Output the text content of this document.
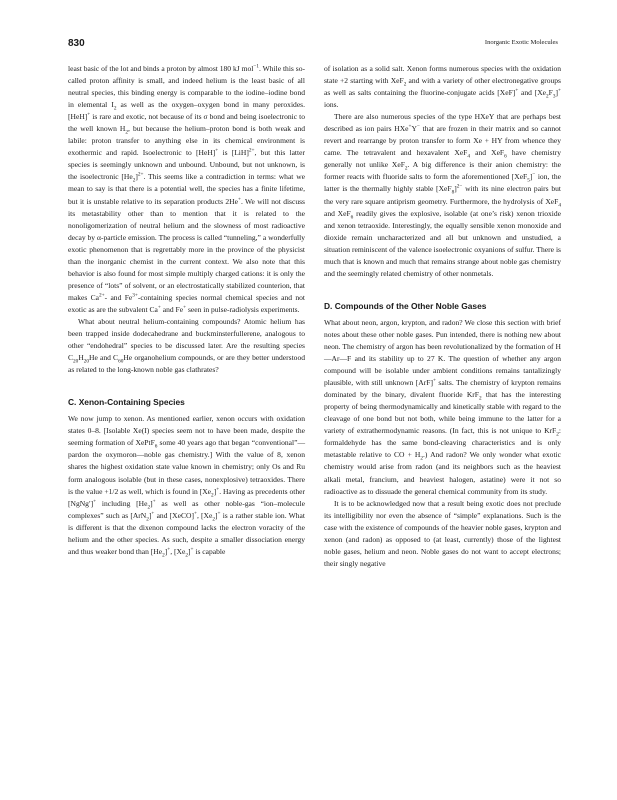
830	Inorganic Exotic Molecules

least basic of the lot and binds a proton by almost 180 kJ mol$^{-1}$. While this so-called proton affinity is small, and indeed helium is the least basic of all neutral species, this binding energy is comparable to the iodine–iodine bond in elemental $I_2$ as well as the oxygen–oxygen bond in many peroxides. [HeH]+ is rare and exotic, not because of its σ bond and being isoelectronic to the well known $H_2$, but because the helium–proton bond is both weak and labile: proton transfer to anything else in its chemical environment is exothermic and rapid. Isoelectronic to [HeH]+ is [LiH]$^{2+}$, but this latter species is seemingly unknown and unbound. Unbound, but not unknown, is the isoelectronic $[He_2]^{2+}$. This seems like a contradiction in terms: what we mean to say is that there is a potential well, the species has a finite lifetime, but it is unstable relative to its separation products 2He+. We will not discuss its metastability other than to mention that it is related to the nonoligomerization of neutral helium and the slowness of most radioactive decay by α-particle emission. The process is called “tunneling,” a wonderfully exotic phenomenon that is regrettably more in the province of the physicist than the inorganic chemist in the current context. We also note that this behavior is also found for most simple multiply charged cations: it is only the presence of “lots” of solvent, or an electrostatically stabilized counterion, that makes $Ca^{2+}-$ and $Fe^{3+}$-containing species normal chemical species and not exotic as are the subvalent Ca+ and Fe+ seen in pulse-radiolysis experiments.

What about neutral helium-containing compounds? Atomic helium has been trapped inside dodecahedrane and buckminsterfullerene, analogous to other “endohedral” species to be discussed later. Are the resulting species $C_{20}H_{20}He$ and $C_{60}He$ organohelium compounds, or are they better understood as related to the long-known noble gas clathrates?

C. Xenon-Containing Species

We now jump to xenon. As mentioned earlier, xenon occurs with oxidation states 0–8. [Isolable Xe(I) species seem not to have been made, despite the seeming formation of XePtF$_6$ some 40 years ago that began “conventional”—pardon the oxymoron—noble gas chemistry.] With the value of 8, xenon shares the highest oxidation state value known in chemistry; only Os and Ru form analogous isolable (but in these cases, nonexplosive) tetraoxides. There is the value +1/2 as well, which is found in $[Xe_2]^+$. Having as precedents other [NgNg′]+ including $[He_2]^+$ as well as other noble-gas “ion–molecule complexes” such as [ArN$_2$]+ and [XeCO]+, $[Xe_2]^+$ is a rather stable ion. What is different is that the dixenon compound lacks the electron voracity of the helium and the other species. As such, despite a smaller dissociation energy and thus weaker bond than $[He_2]^+$, $[Xe_2]^+$ is capable

of isolation as a solid salt. Xenon forms numerous species with the oxidation state +2 starting with XeF$_2$ and with a variety of other electronegative groups as well as salts containing the fluorine-conjugate acids [XeF]+ and $[Xe_2F_3]^+$ ions.

There are also numerous species of the type HXeY that are perhaps best described as ion pairs HXe+Y− that are frozen in their matrix and so cannot revert and rearrange by proton transfer to form Xe + HY from whence they came. The tetravalent and hexavalent XeF$_4$ and XeF$_6$ have chemistry generally not unlike XeF$_2$. A big difference is their anion chemistry: the former reacts with fluoride salts to form the aforementioned [XeF$_5$]− ion, the latter is the thermally highly stable $[XeF_8]^{2-}$ with its nine electron pairs but the very rare square antiprism geometry. Furthermore, the hydrolysis of XeF$_4$ and XeF$_6$ readily gives the explosive, isolable (at one’s risk) xenon trioxide and xenon tetraoxide. Interestingly, the equally sensible xenon monoxide and dioxide remain uncharacterized and all but unknown and unstudied, a situation reminiscent of the valence isoelectronic oxyanions of sulfur. There is much that is known and much that remains strange about noble gas chemistry and the seemingly related chemistry of other nonmetals.

D. Compounds of the Other Noble Gases

What about neon, argon, krypton, and radon? We close this section with brief notes about these other noble gases. Pun intended, there is nothing new about neon. The chemistry of argon has been revolutionalized by the formation of H—Ar—F and its stability up to 27 K. The question of whether any argon compound will be isolable under ambient conditions remains tantalizingly plausible, with still unknown [ArF]+ salts. The chemistry of krypton remains dominated by the binary, divalent fluoride KrF$_2$ that has the interesting property of being thermodynamically and kinetically stable with regard to the cleavage of one bond but not both, while being immune to the latter for a variety of extrathermodynamic reasons. (In fact, this is not unique to KrF$_2$: formaldehyde has the same bond-cleaving characteristics and is only metastable relative to CO + $H_2$.) And radon? We only wonder what exotic chemistry would arise from radon (and its neighbors such as the heaviest alkali metal, francium, and heaviest halogen, astatine) were it not so radioactive as to dissuade the general chemical community from its study.

It is to be acknowledged now that a result being exotic does not preclude its intelligibility nor even the absence of “simple” explanations. Such is the case with the existence of compounds of the heavier noble gases, krypton and xenon (and radon) as opposed to (at least, currently) those of the lightest noble gases, helium and neon. Noble gases do not want to accept electrons; their singly negative
